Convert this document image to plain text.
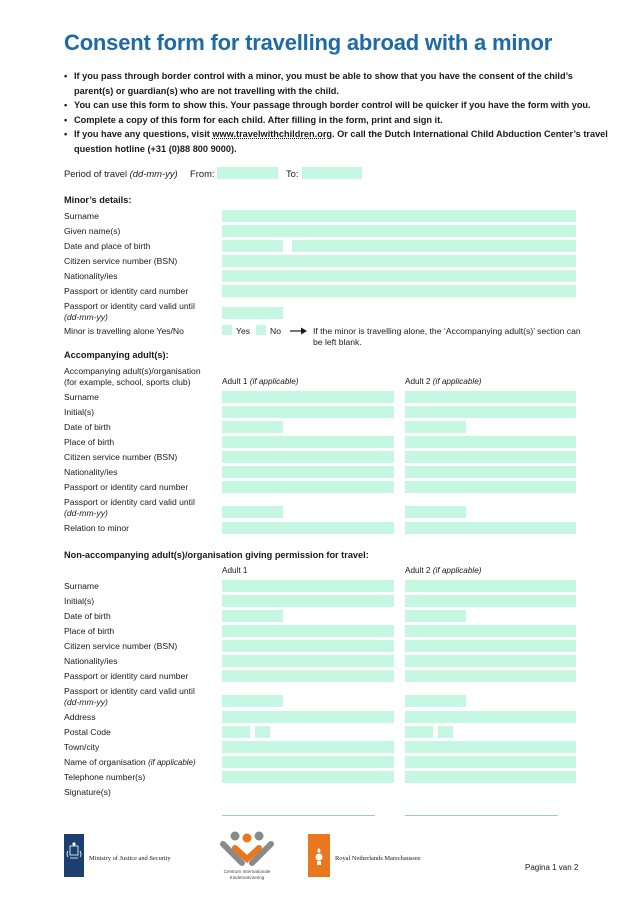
Consent form for travelling abroad with a minor
• If you pass through border control with a minor, you must be able to show that you have the consent of the child’s parent(s) or guardian(s) who are not travelling with the child.
• You can use this form to show this. Your passage through border control will be quicker if you have the form with you.
• Complete a copy of this form for each child. After filling in the form, print and sign it.
• If you have any questions, visit www.travelwithchildren.org. Or call the Dutch International Child Abduction Center’s travel question hotline (+31 (0)88 800 9000).
Period of travel (dd-mm-yy) From:	To:
Minor’s details:
Surname
Given name(s)
Date and place of birth
Citizen service number (BSN)
Nationality/ies
Passport or identity card number
Passport or identity card valid until
(dd-mm-yy)
Minor is travelling alone Yes/No	Yes No	If the minor is travelling alone, the ‘Accompanying adult(s)’ section can be left blank.
Accompanying adult(s):
Accompanying adult(s)/organisation
(for example, school, sports club)	Adult 1 (if applicable)	Adult 2 (if applicable)
Surname
Initial(s)
Date of birth
Place of birth
Citizen service number (BSN)
Nationality/ies
Passport or identity card number
Passport or identity card valid until
(dd-mm-yy)
Relation to minor
Non-accompanying adult(s)/organisation giving permission for travel:
Adult 1	Adult 2 (if applicable)
Surname
Initial(s)
Date of birth
Place of birth
Citizen service number (BSN)
Nationality/ies
Passport or identity card number
Passport or identity card valid until
(dd-mm-yy)
Address
Postal Code
Town/city
Name of organisation (if applicable)
Telephone number(s)
Signature(s)
Ministry of Justice and Security
Centrum Internationale
Kinderontvoering
Royal Netherlands Marechaussee
Pagina 1 van 2
